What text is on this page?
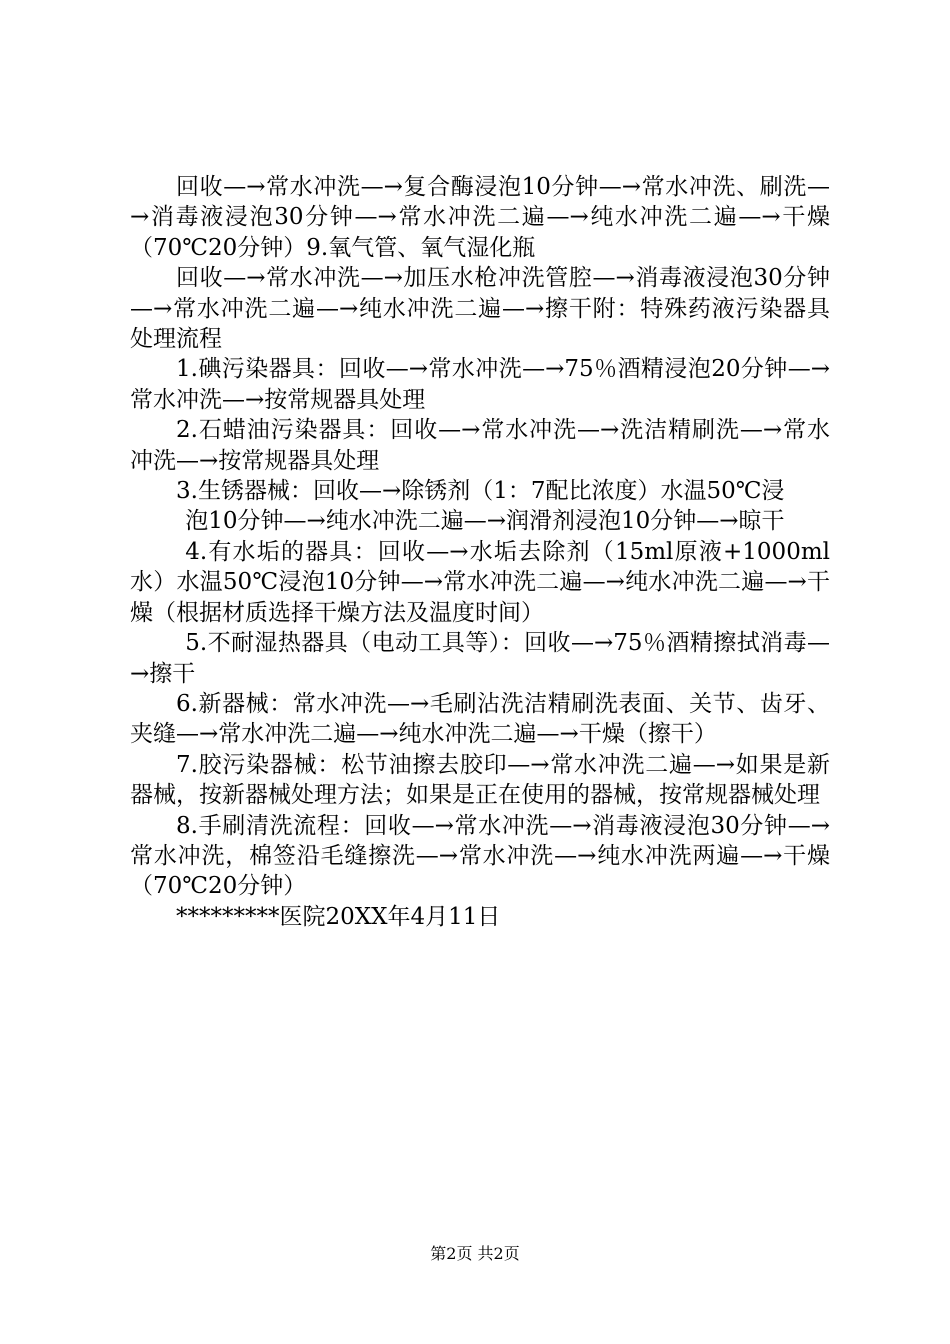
回收—→常水冲洗—→复合酶浸泡10分钟—→常水冲洗、刷洗—→消毒液浸泡30分钟—→常水冲洗二遍—→纯水冲洗二遍—→干燥（70℃20分钟）9.氧气管、氧气湿化瓶

回收—→常水冲洗—→加压水枪冲洗管腔—→消毒液浸泡30分钟—→常水冲洗二遍—→纯水冲洗二遍—→擦干附：特殊药液污染器具处理流程

1.碘污染器具：回收—→常水冲洗—→75％酒精浸泡20分钟—→常水冲洗—→按常规器具处理

2.石蜡油污染器具：回收—→常水冲洗—→洗洁精刷洗—→常水冲洗—→按常规器具处理

3.生锈器械：回收—→除锈剂（1：7配比浓度）水温50℃浸

泡10分钟—→纯水冲洗二遍—→润滑剂浸泡10分钟—→晾干

4.有水垢的器具：回收—→水垢去除剂（15ml原液+1000ml水）水温50℃浸泡10分钟—→常水冲洗二遍—→纯水冲洗二遍—→干燥（根据材质选择干燥方法及温度时间）

5.不耐湿热器具（电动工具等）：回收—→75％酒精擦拭消毒—→擦干

6.新器械：常水冲洗—→毛刷沾洗洁精刷洗表面、关节、齿牙、夹缝—→常水冲洗二遍—→纯水冲洗二遍—→干燥（擦干）

7.胶污染器械：松节油擦去胶印—→常水冲洗二遍—→如果是新器械，按新器械处理方法；如果是正在使用的器械，按常规器械处理

8.手刷清洗流程：回收—→常水冲洗—→消毒液浸泡30分钟—→常水冲洗，棉签沿毛缝擦洗—→常水冲洗—→纯水冲洗两遍—→干燥（70℃20分钟）

*********医院20XX年4月11日

第2页 共2页
